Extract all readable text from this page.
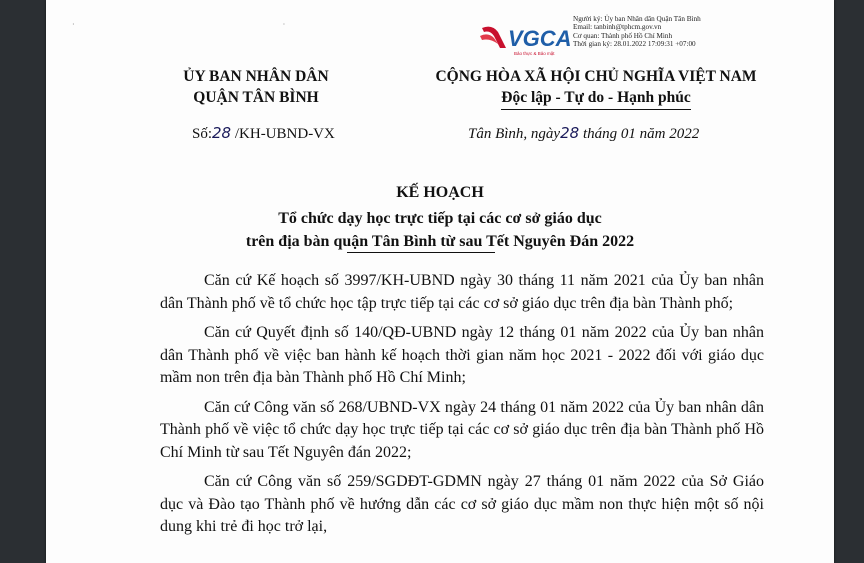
·                                                                                                        ·
VGCA
Bảo thực & Bảo mật
Người ký: Ủy ban Nhân dân Quận Tân Bình
Email: tanbinh@tphcm.gov.vn
Cơ quan: Thành phố Hồ Chí Minh
Thời gian ký: 28.01.2022 17:09:31 +07:00
ỦY BAN NHÂN DÂN
QUẬN TÂN BÌNH
CỘNG HÒA XÃ HỘI CHỦ NGHĨA VIỆT NAM
Độc lập - Tự do - Hạnh phúc
Số:28 /KH-UBND-VX	Tân Bình, ngày28 tháng 01 năm 2022
KẾ HOẠCH
Tổ chức dạy học trực tiếp tại các cơ sở giáo dục
trên địa bàn quận Tân Bình từ sau Tết Nguyên Đán 2022

Căn cứ Kế hoạch số 3997/KH-UBND ngày 30 tháng 11 năm 2021 của Ủy ban nhân dân Thành phố về tổ chức học tập trực tiếp tại các cơ sở giáo dục trên địa bàn Thành phố;

Căn cứ Quyết định số 140/QĐ-UBND ngày 12 tháng 01 năm 2022 của Ủy ban nhân dân Thành phố về việc ban hành kế hoạch thời gian năm học 2021 - 2022 đối với giáo dục mầm non trên địa bàn Thành phố Hồ Chí Minh;

Căn cứ Công văn số 268/UBND-VX ngày 24 tháng 01 năm 2022 của Ủy ban nhân dân Thành phố về việc tổ chức dạy học trực tiếp tại các cơ sở giáo dục trên địa bàn Thành phố Hồ Chí Minh từ sau Tết Nguyên đán 2022;

Căn cứ Công văn số 259/SGDĐT-GDMN ngày 27 tháng 01 năm 2022 của Sở Giáo dục và Đào tạo Thành phố về hướng dẫn các cơ sở giáo dục mầm non thực hiện một số nội dung khi trẻ đi học trở lại,
